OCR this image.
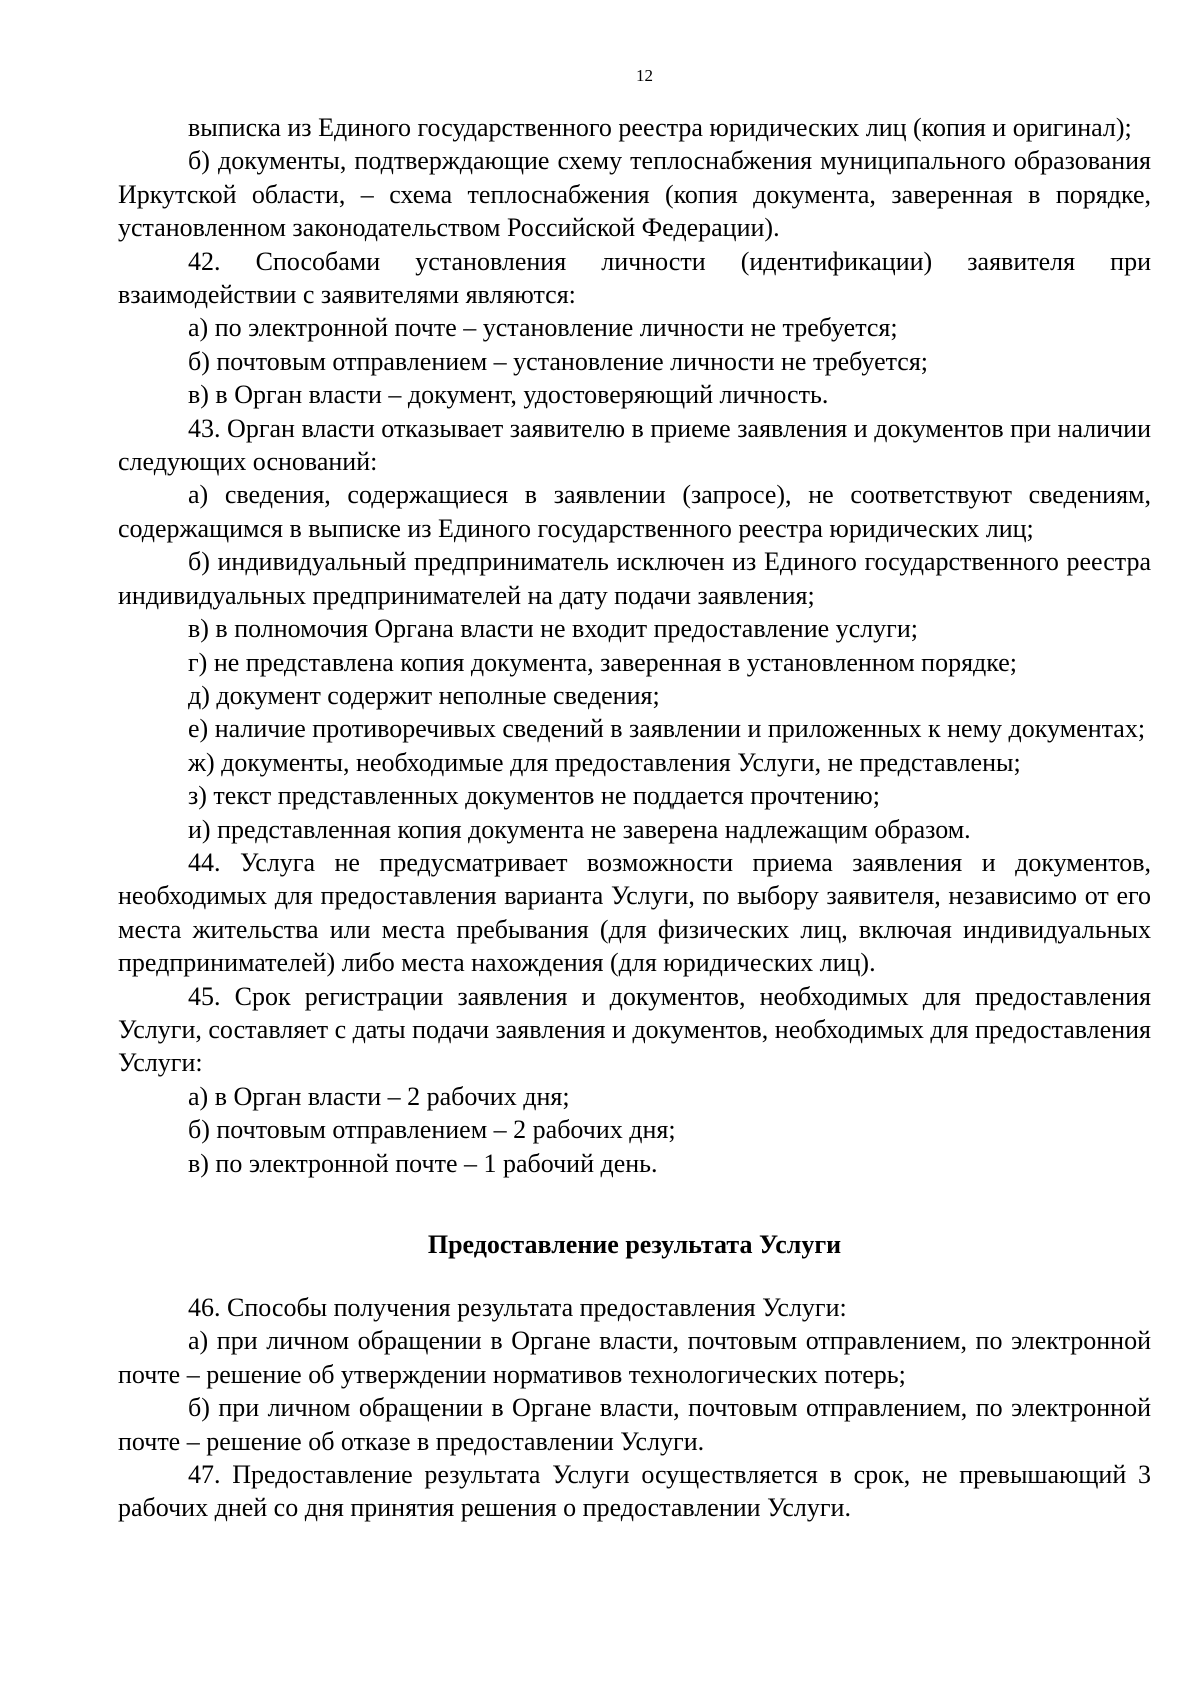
12

выписка из Единого государственного реестра юридических лиц (копия и оригинал);

б) документы, подтверждающие схему теплоснабжения муниципального образования Иркутской области, – схема теплоснабжения (копия документа, заверенная в порядке, установленном законодательством Российской Федерации).

42. Способами установления личности (идентификации) заявителя при взаимодействии с заявителями являются:

а) по электронной почте – установление личности не требуется;

б) почтовым отправлением – установление личности не требуется;

в) в Орган власти – документ, удостоверяющий личность.

43. Орган власти отказывает заявителю в приеме заявления и документов при наличии следующих оснований:

а) сведения, содержащиеся в заявлении (запросе), не соответствуют сведениям, содержащимся в выписке из Единого государственного реестра юридических лиц;

б) индивидуальный предприниматель исключен из Единого государственного реестра индивидуальных предпринимателей на дату подачи заявления;

в) в полномочия Органа власти не входит предоставление услуги;

г) не представлена копия документа, заверенная в установленном порядке;

д) документ содержит неполные сведения;

е) наличие противоречивых сведений в заявлении и приложенных к нему документах;

ж) документы, необходимые для предоставления Услуги, не представлены;

з) текст представленных документов не поддается прочтению;

и) представленная копия документа не заверена надлежащим образом.

44. Услуга не предусматривает возможности приема заявления и документов, необходимых для предоставления варианта Услуги, по выбору заявителя, независимо от его места жительства или места пребывания (для физических лиц, включая индивидуальных предпринимателей) либо места нахождения (для юридических лиц).

45. Срок регистрации заявления и документов, необходимых для предоставления Услуги, составляет с даты подачи заявления и документов, необходимых для предоставления Услуги:

а) в Орган власти – 2 рабочих дня;

б) почтовым отправлением – 2 рабочих дня;

в) по электронной почте – 1 рабочий день.

Предоставление результата Услуги

46. Способы получения результата предоставления Услуги:

а) при личном обращении в Органе власти, почтовым отправлением, по электронной почте – решение об утверждении нормативов технологических потерь;

б) при личном обращении в Органе власти, почтовым отправлением, по электронной почте – решение об отказе в предоставлении Услуги.

47. Предоставление результата Услуги осуществляется в срок, не превышающий 3 рабочих дней со дня принятия решения о предоставлении Услуги.
